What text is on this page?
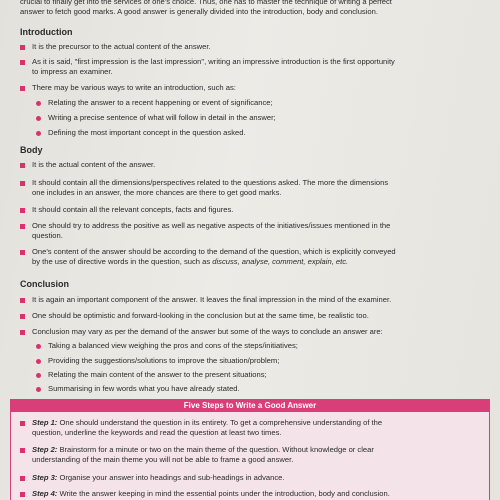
crucial to finally get into the services of one's choice. Thus, one has to master the technique of writing a perfect

answer to fetch good marks. A good answer is generally divided into the introduction, body and conclusion.

Introduction
It is the precursor to the actual content of the answer.
As it is said, "first impression is the last impression", writing an impressive introduction is the first opportunity
to impress an examiner.
There may be various ways to write an introduction, such as:
Relating the answer to a recent happening or event of significance;
Writing a precise sentence of what will follow in detail in the answer;
Defining the most important concept in the question asked.
Body
It is the actual content of the answer.
It should contain all the dimensions/perspectives related to the questions asked. The more the dimensions
one includes in an answer, the more chances are there to get good marks.
It should contain all the relevant concepts, facts and figures.
One should try to address the positive as well as negative aspects of the initiatives/issues mentioned in the
question.
One's content of the answer should be according to the demand of the question, which is explicitly conveyed
by the use of directive words in the question, such as discuss, analyse, comment, explain, etc.
Conclusion
It is again an important component of the answer. It leaves the final impression in the mind of the examiner.
One should be optimistic and forward-looking in the conclusion but at the same time, be realistic too.
Conclusion may vary as per the demand of the answer but some of the ways to conclude an answer are:
Taking a balanced view weighing the pros and cons of the steps/initiatives;
Providing the suggestions/solutions to improve the situation/problem;
Relating the main content of the answer to the present situations;
Summarising in few words what you have already stated.
Five Steps to Write a Good Answer
Step 1: One should understand the question in its entirety. To get a comprehensive understanding of the
question, underline the keywords and read the question at least two times.
Step 2: Brainstorm for a minute or two on the main theme of the question. Without knowledge or clear
understanding of the main theme you will not be able to frame a good answer.
Step 3: Organise your answer into headings and sub-headings in advance.
Step 4: Write the answer keeping in mind the essential points under the introduction, body and conclusion.
